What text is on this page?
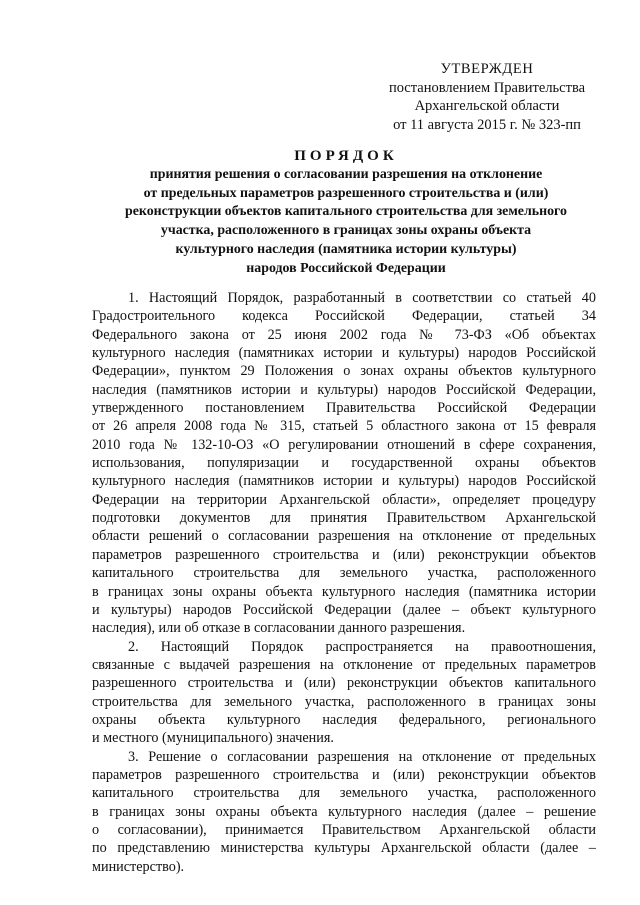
УТВЕРЖДЕН
постановлением Правительства
Архангельской области
от 11 августа 2015 г. № 323-пп
ПОРЯДОК
принятия решения о согласовании разрешения на отклонение
от предельных параметров разрешенного строительства и (или)
реконструкции объектов капитального строительства для земельного
участка, расположенного в границах зоны охраны объекта
культурного наследия (памятника истории культуры)
народов Российской Федерации
1. Настоящий Порядок, разработанный в соответствии со статьей 40
Градостроительного кодекса Российской Федерации, статьей 34
Федерального закона от 25 июня 2002 года № 73-ФЗ «Об объектах
культурного наследия (памятниках истории и культуры) народов Российской
Федерации», пунктом 29 Положения о зонах охраны объектов культурного
наследия (памятников истории и культуры) народов Российской Федерации,
утвержденного постановлением Правительства Российской Федерации
от 26 апреля 2008 года № 315, статьей 5 областного закона от 15 февраля
2010 года № 132-10-ОЗ «О регулировании отношений в сфере сохранения,
использования, популяризации и государственной охраны объектов
культурного наследия (памятников истории и культуры) народов Российской
Федерации на территории Архангельской области», определяет процедуру
подготовки документов для принятия Правительством Архангельской
области решений о согласовании разрешения на отклонение от предельных
параметров разрешенного строительства и (или) реконструкции объектов
капитального строительства для земельного участка, расположенного
в границах зоны охраны объекта культурного наследия (памятника истории
и культуры) народов Российской Федерации (далее – объект культурного
наследия), или об отказе в согласовании данного разрешения.
2. Настоящий Порядок распространяется на правоотношения,
связанные с выдачей разрешения на отклонение от предельных параметров
разрешенного строительства и (или) реконструкции объектов капитального
строительства для земельного участка, расположенного в границах зоны
охраны объекта культурного наследия федерального, регионального
и местного (муниципального) значения.
3. Решение о согласовании разрешения на отклонение от предельных
параметров разрешенного строительства и (или) реконструкции объектов
капитального строительства для земельного участка, расположенного
в границах зоны охраны объекта культурного наследия (далее – решение
о согласовании), принимается Правительством Архангельской области
по представлению министерства культуры Архангельской области (далее –
министерство).
